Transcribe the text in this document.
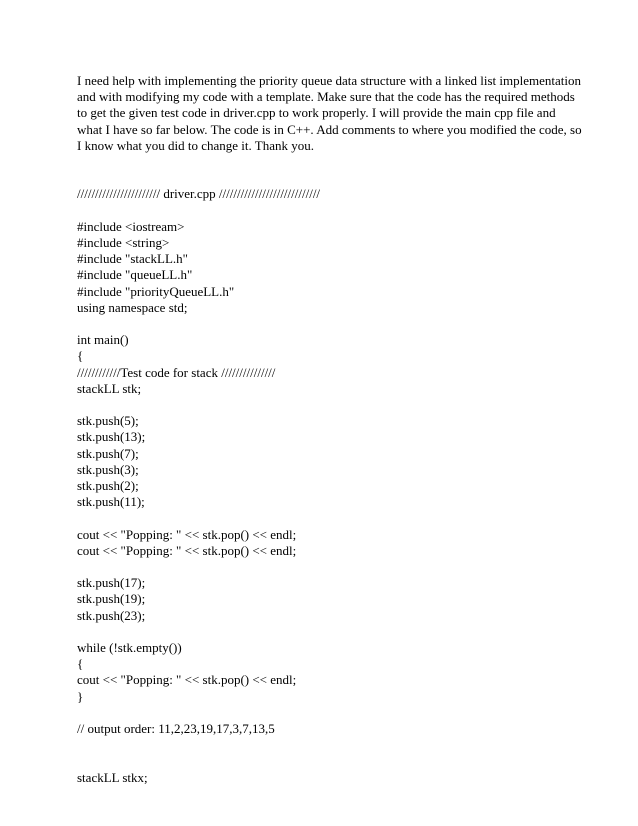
I need help with implementing the priority queue data structure with a linked list implementation
and with modifying my code with a template. Make sure that the code has the required methods
to get the given test code in driver.cpp to work properly. I will provide the main cpp file and
what I have so far below. The code is in C++. Add comments to where you modified the code, so
I know what you did to change it. Thank you.
/////////////////////// driver.cpp ////////////////////////////
#include <iostream>
#include <string>
#include "stackLL.h"
#include "queueLL.h"
#include "priorityQueueLL.h"
using namespace std;
int main()
{
////////////Test code for stack ///////////////
stackLL stk;
stk.push(5);
stk.push(13);
stk.push(7);
stk.push(3);
stk.push(2);
stk.push(11);
cout << "Popping: " << stk.pop() << endl;
cout << "Popping: " << stk.pop() << endl;
stk.push(17);
stk.push(19);
stk.push(23);
while (!stk.empty())
{
cout << "Popping: " << stk.pop() << endl;
}
// output order: 11,2,23,19,17,3,7,13,5
stackLL stkx;
